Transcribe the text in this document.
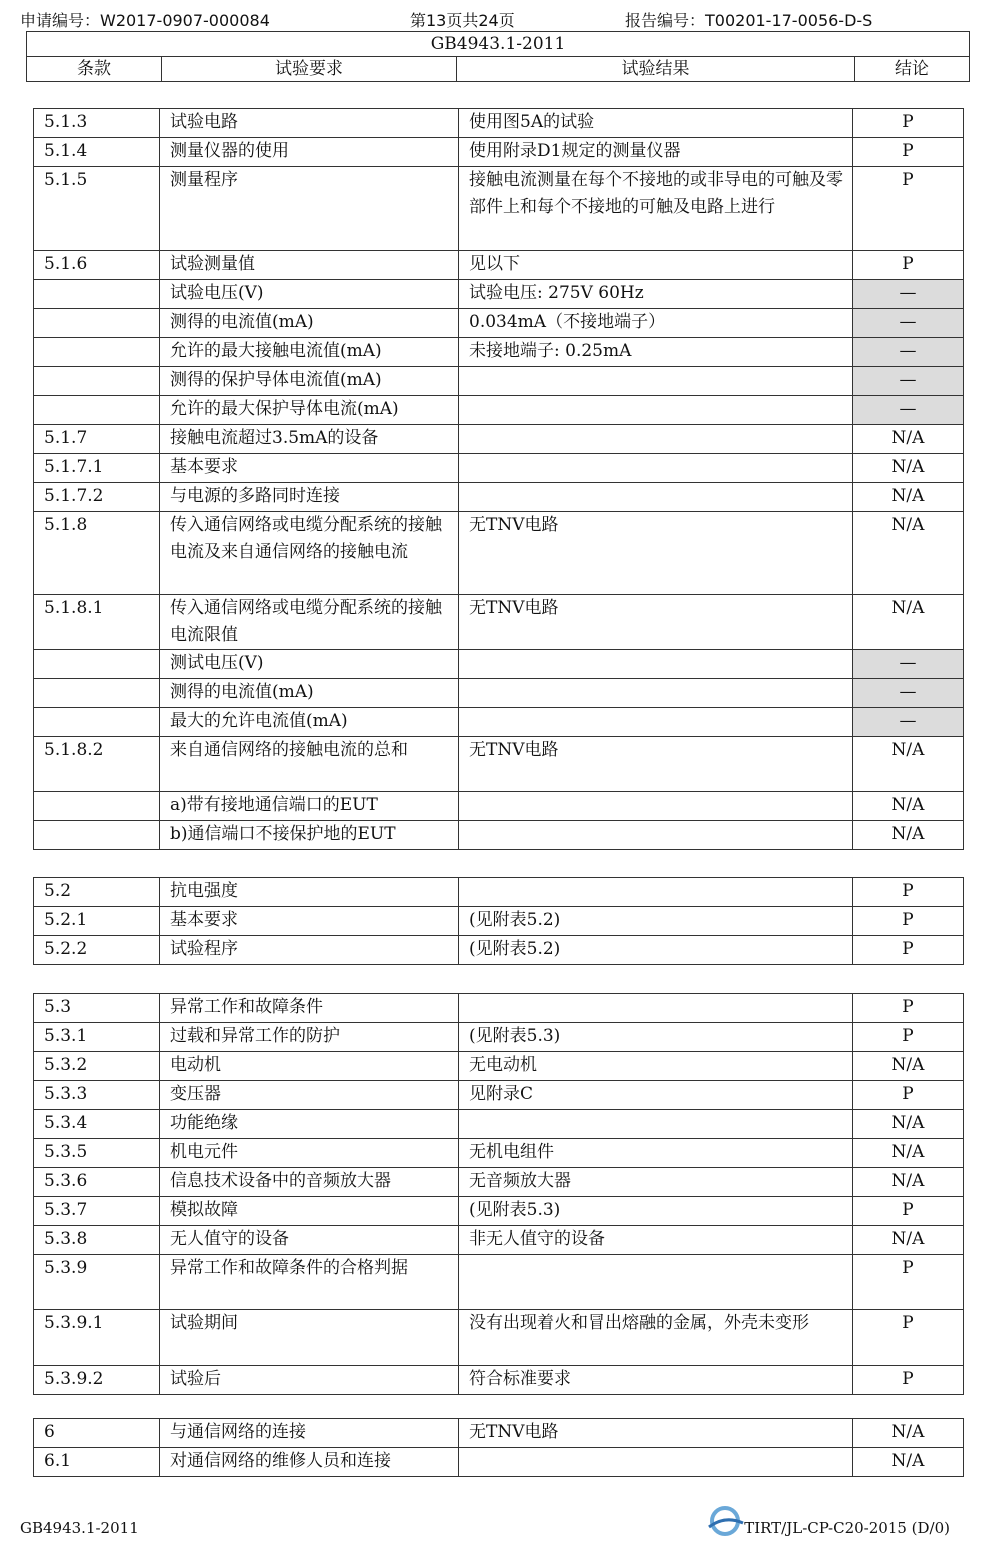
申请编号：W2017-0907-000084	第13页共24页	报告编号：T00201-17-0056-D-S
GB4943.1-2011
条款	试验要求	试验结果	结论
5.1.3	试验电路	使用图5A的试验	P
5.1.4	测量仪器的使用	使用附录D1规定的测量仪器	P
5.1.5	测量程序	接触电流测量在每个不接地的或非导电的可触及零部件上和每个不接地的可触及电路上进行	P
5.1.6	试验测量值	见以下	P
	试验电压(V)	试验电压: 275V 60Hz	—
	测得的电流值(mA)	0.034mA（不接地端子）	—
	允许的最大接触电流值(mA)	未接地端子: 0.25mA	—
	测得的保护导体电流值(mA)		—
	允许的最大保护导体电流(mA)		—
5.1.7	接触电流超过3.5mA的设备		N/A
5.1.7.1	基本要求		N/A
5.1.7.2	与电源的多路同时连接		N/A
5.1.8	传入通信网络或电缆分配系统的接触电流及来自通信网络的接触电流	无TNV电路	N/A
5.1.8.1	传入通信网络或电缆分配系统的接触电流限值	无TNV电路	N/A
	测试电压(V)		—
	测得的电流值(mA)		—
	最大的允许电流值(mA)		—
5.1.8.2	来自通信网络的接触电流的总和	无TNV电路	N/A
	a)带有接地通信端口的EUT		N/A
	b)通信端口不接保护地的EUT		N/A
5.2	抗电强度		P
5.2.1	基本要求	(见附表5.2)	P
5.2.2	试验程序	(见附表5.2)	P
5.3	异常工作和故障条件		P
5.3.1	过载和异常工作的防护	(见附表5.3)	P
5.3.2	电动机	无电动机	N/A
5.3.3	变压器	见附录C	P
5.3.4	功能绝缘		N/A
5.3.5	机电元件	无机电组件	N/A
5.3.6	信息技术设备中的音频放大器	无音频放大器	N/A
5.3.7	模拟故障	(见附表5.3)	P
5.3.8	无人值守的设备	非无人值守的设备	N/A
5.3.9	异常工作和故障条件的合格判据		P
5.3.9.1	试验期间	没有出现着火和冒出熔融的金属，外壳未变形	P
5.3.9.2	试验后	符合标准要求	P
6	与通信网络的连接	无TNV电路	N/A
6.1	对通信网络的维修人员和连接		N/A
GB4943.1-2011	TIRT/JL-CP-C20-2015 (D/0)
